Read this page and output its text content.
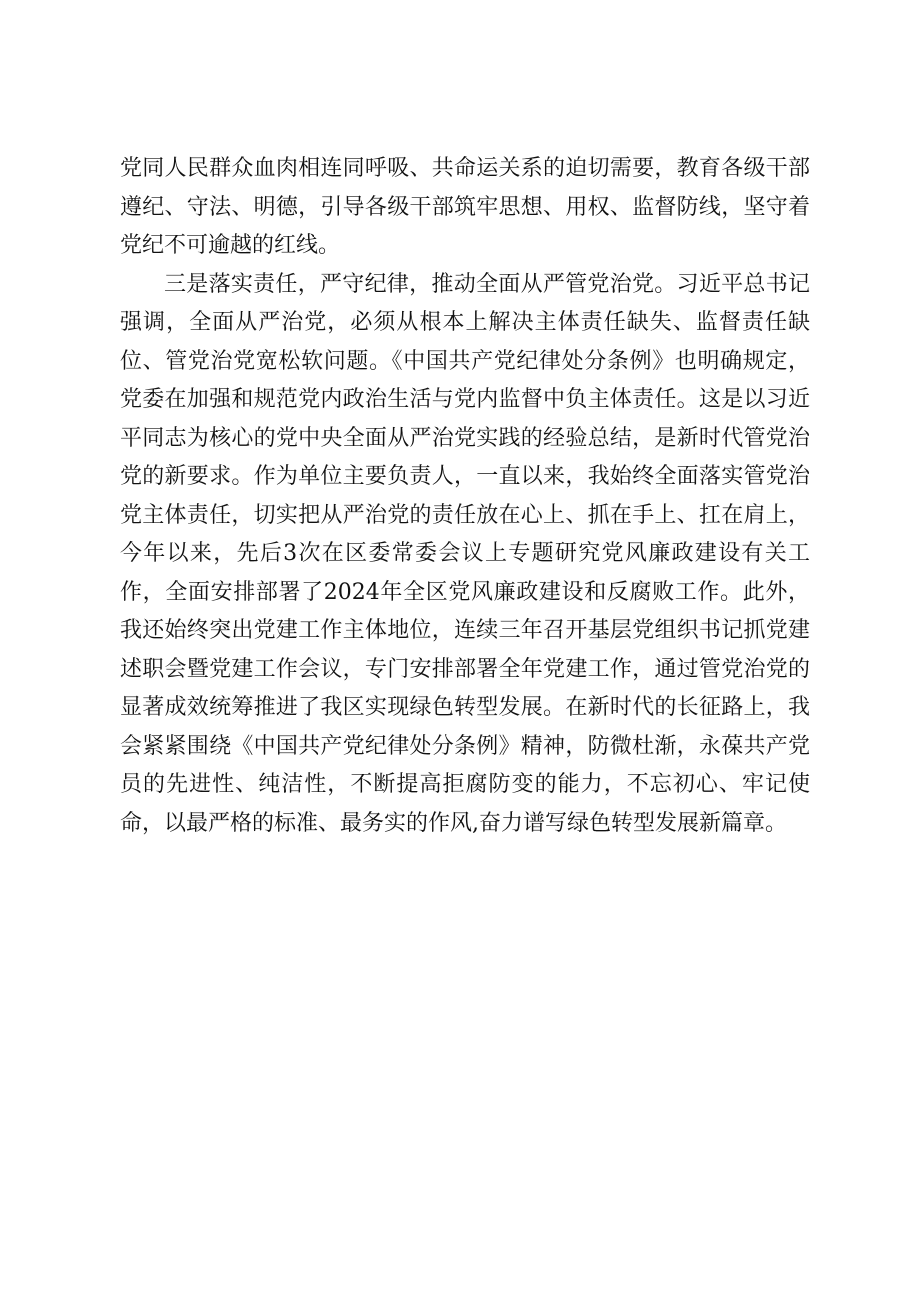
党同人民群众血肉相连同呼吸、共命运关系的迫切需要，教育各级干部遵纪、守法、明德，引导各级干部筑牢思想、用权、监督防线，坚守着党纪不可逾越的红线。

三是落实责任，严守纪律，推动全面从严管党治党。习近平总书记强调，全面从严治党，必须从根本上解决主体责任缺失、监督责任缺位、管党治党宽松软问题。《中国共产党纪律处分条例》也明确规定，党委在加强和规范党内政治生活与党内监督中负主体责任。这是以习近平同志为核心的党中央全面从严治党实践的经验总结，是新时代管党治党的新要求。作为单位主要负责人，一直以来，我始终全面落实管党治党主体责任，切实把从严治党的责任放在心上、抓在手上、扛在肩上，今年以来，先后3次在区委常委会议上专题研究党风廉政建设有关工作，全面安排部署了2024年全区党风廉政建设和反腐败工作。此外，我还始终突出党建工作主体地位，连续三年召开基层党组织书记抓党建述职会暨党建工作会议，专门安排部署全年党建工作，通过管党治党的显著成效统筹推进了我区实现绿色转型发展。在新时代的长征路上，我会紧紧围绕《中国共产党纪律处分条例》精神，防微杜渐，永葆共产党员的先进性、纯洁性，不断提高拒腐防变的能力，不忘初心、牢记使命，以最严格的标准、最务实的作风,奋力谱写绿色转型发展新篇章。
